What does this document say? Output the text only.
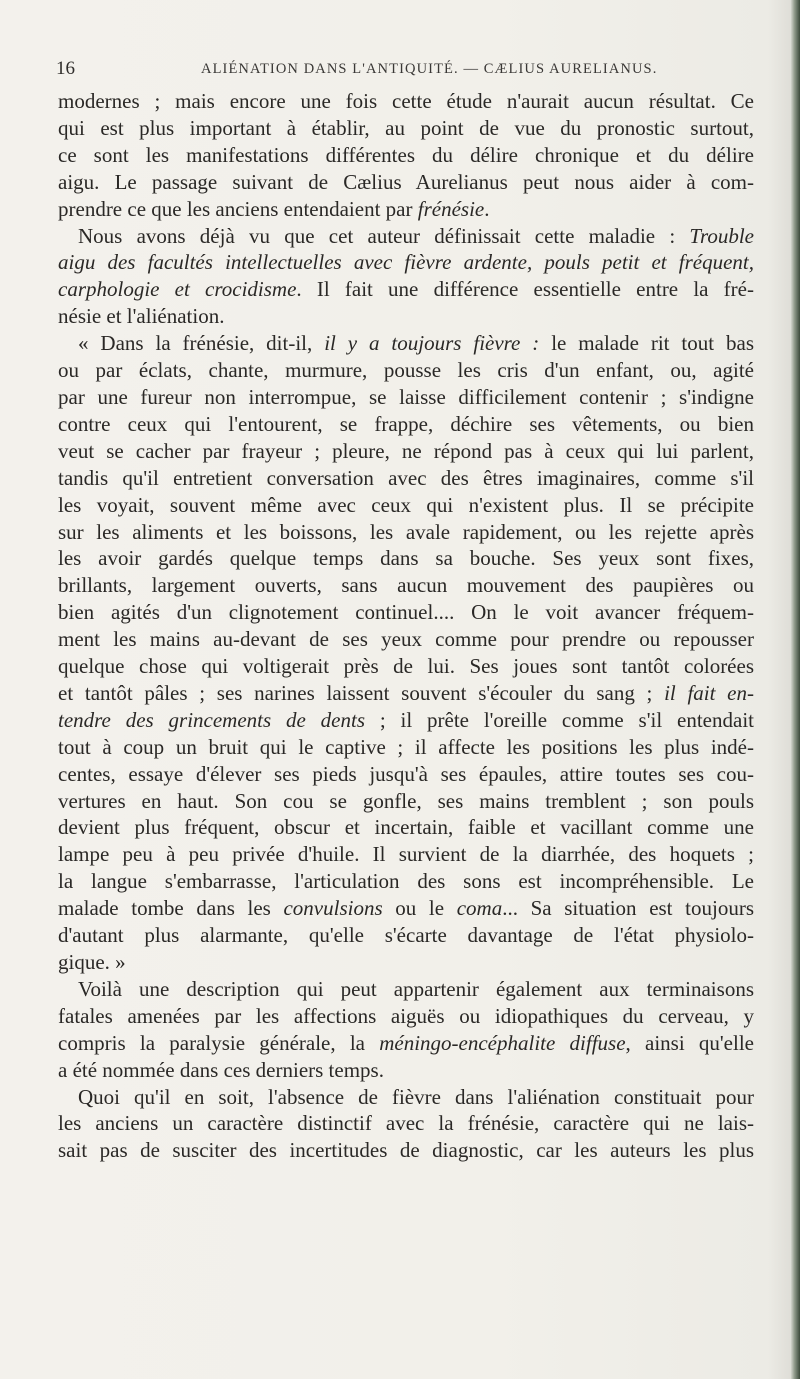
16	ALIÉNATION DANS L'ANTIQUITÉ. — CÆLIUS AURELIANUS.
modernes ; mais encore une fois cette étude n'aurait aucun résultat. Ce
qui est plus important à établir, au point de vue du pronostic surtout,
ce sont les manifestations différentes du délire chronique et du délire
aigu. Le passage suivant de Cælius Aurelianus peut nous aider à com-
prendre ce que les anciens entendaient par frénésie.
Nous avons déjà vu que cet auteur définissait cette maladie : Trouble
aigu des facultés intellectuelles avec fièvre ardente, pouls petit et fréquent,
carphologie et crocidisme. Il fait une différence essentielle entre la fré-
nésie et l'aliénation.
« Dans la frénésie, dit-il, il y a toujours fièvre : le malade rit tout bas
ou par éclats, chante, murmure, pousse les cris d'un enfant, ou, agité
par une fureur non interrompue, se laisse difficilement contenir ; s'indigne
contre ceux qui l'entourent, se frappe, déchire ses vêtements, ou bien
veut se cacher par frayeur ; pleure, ne répond pas à ceux qui lui parlent,
tandis qu'il entretient conversation avec des êtres imaginaires, comme s'il
les voyait, souvent même avec ceux qui n'existent plus. Il se précipite
sur les aliments et les boissons, les avale rapidement, ou les rejette après
les avoir gardés quelque temps dans sa bouche. Ses yeux sont fixes,
brillants, largement ouverts, sans aucun mouvement des paupières ou
bien agités d'un clignotement continuel.... On le voit avancer fréquem-
ment les mains au-devant de ses yeux comme pour prendre ou repousser
quelque chose qui voltigerait près de lui. Ses joues sont tantôt colorées
et tantôt pâles ; ses narines laissent souvent s'écouler du sang ; il fait en-
tendre des grincements de dents ; il prête l'oreille comme s'il entendait
tout à coup un bruit qui le captive ; il affecte les positions les plus indé-
centes, essaye d'élever ses pieds jusqu'à ses épaules, attire toutes ses cou-
vertures en haut. Son cou se gonfle, ses mains tremblent ; son pouls
devient plus fréquent, obscur et incertain, faible et vacillant comme une
lampe peu à peu privée d'huile. Il survient de la diarrhée, des hoquets ;
la langue s'embarrasse, l'articulation des sons est incompréhensible. Le
malade tombe dans les convulsions ou le coma... Sa situation est toujours
d'autant plus alarmante, qu'elle s'écarte davantage de l'état physiolo-
gique. »
Voilà une description qui peut appartenir également aux terminaisons
fatales amenées par les affections aiguës ou idiopathiques du cerveau, y
compris la paralysie générale, la méningo-encéphalite diffuse, ainsi qu'elle
a été nommée dans ces derniers temps.
Quoi qu'il en soit, l'absence de fièvre dans l'aliénation constituait pour
les anciens un caractère distinctif avec la frénésie, caractère qui ne lais-
sait pas de susciter des incertitudes de diagnostic, car les auteurs les plus
